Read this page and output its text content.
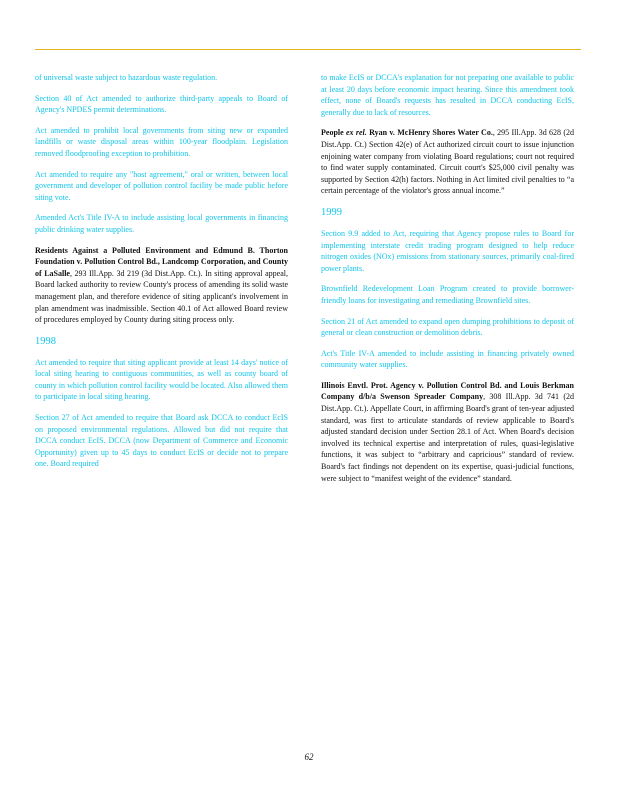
of universal waste subject to hazardous waste regulation.

Section 40 of Act amended to authorize third-party appeals to Board of Agency's NPDES permit determinations.

Act amended to prohibit local governments from siting new or expanded landfills or waste disposal areas within 100-year floodplain. Legislation removed floodproofing exception to prohibition.

Act amended to require any "host agreement," oral or written, between local government and developer of pollution control facility be made public before siting vote.

Amended Act's Title IV-A to include assisting local governments in financing public drinking water supplies.

Residents Against a Polluted Environment and Edmund B. Thorton Foundation v. Pollution Control Bd., Landcomp Corporation, and County of LaSalle, 293 Ill.App. 3d 219 (3d Dist.App. Ct.). In siting approval appeal, Board lacked authority to review County's process of amending its solid waste management plan, and therefore evidence of siting applicant's involvement in plan amendment was inadmissible. Section 40.1 of Act allowed Board review of procedures employed by County during siting process only.

1998

Act amended to require that siting applicant provide at least 14 days' notice of local siting hearing to contiguous communities, as well as county board of county in which pollution control facility would be located. Also allowed them to participate in local siting hearing.

Section 27 of Act amended to require that Board ask DCCA to conduct EcIS on proposed environmental regulations. Allowed but did not require that DCCA conduct EcIS. DCCA (now Department of Commerce and Economic Opportunity) given up to 45 days to conduct EcIS or decide not to prepare one. Board required

to make EcIS or DCCA's explanation for not preparing one available to public at least 20 days before economic impact hearing. Since this amendment took effect, none of Board's requests has resulted in DCCA conducting EcIS, generally due to lack of resources.

People ex rel. Ryan v. McHenry Shores Water Co., 295 Ill.App. 3d 628 (2d Dist.App. Ct.) Section 42(e) of Act authorized circuit court to issue injunction enjoining water company from violating Board regulations; court not required to find water supply contaminated. Circuit court's $25,000 civil penalty was supported by Section 42(h) factors. Nothing in Act limited civil penalties to “a certain percentage of the violator's gross annual income.”

1999

Section 9.9 added to Act, requiring that Agency propose rules to Board for implementing interstate credit trading program designed to help reduce nitrogen oxides (NOx) emissions from stationary sources, primarily coal-fired power plants.

Brownfield Redevelopment Loan Program created to provide borrower-friendly loans for investigating and remediating Brownfield sites.

Section 21 of Act amended to expand open dumping prohibitions to deposit of general or clean construction or demolition debris.

Act's Title IV-A amended to include assisting in financing privately owned community water supplies.

Illinois Envtl. Prot. Agency v. Pollution Control Bd. and Louis Berkman Company d/b/a Swenson Spreader Company, 308 Ill.App. 3d 741 (2d Dist.App. Ct.). Appellate Court, in affirming Board's grant of ten-year adjusted standard, was first to articulate standards of review applicable to Board's adjusted standard decision under Section 28.1 of Act. When Board's decision involved its technical expertise and interpretation of rules, quasi-legislative functions, it was subject to “arbitrary and capricious” standard of review. Board's fact findings not dependent on its expertise, quasi-judicial functions, were subject to “manifest weight of the evidence” standard.

62
